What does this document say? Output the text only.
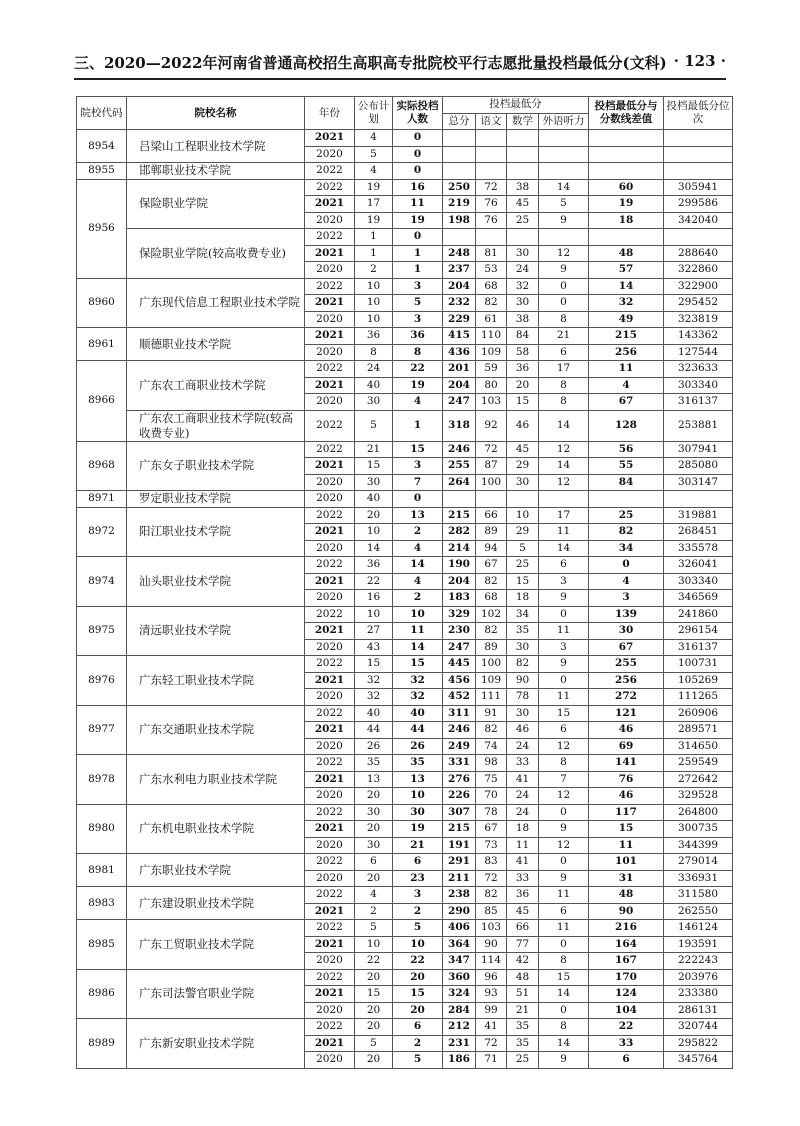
三、2020—2022年河南省普通高校招生高职高专批院校平行志愿批量投档最低分(文科) · 123 ·
院校代码	院校名称	年份	公布计划	实际投档人数	投档最低分				投档最低分与分数线差值	投档最低分位次
					总分	语文	数学	外语听力		
8954	吕梁山工程职业技术学院	2021	4	0						
		2020	5	0						
8955	邯郸职业技术学院	2022	4	0						
8956	保险职业学院	2022	19	16	250	72	38	14	60	305941
		2021	17	11	219	76	45	5	19	299586
		2020	19	19	198	76	25	9	18	342040
	保险职业学院(较高收费专业)	2022	1	0						
		2021	1	1	248	81	30	12	48	288640
		2020	2	1	237	53	24	9	57	322860
8960	广东现代信息工程职业技术学院	2022	10	3	204	68	32	0	14	322900
		2021	10	5	232	82	30	0	32	295452
		2020	10	3	229	61	38	8	49	323819
8961	顺德职业技术学院	2021	36	36	415	110	84	21	215	143362
		2020	8	8	436	109	58	6	256	127544
8966	广东农工商职业技术学院	2022	24	22	201	59	36	17	11	323633
		2021	40	19	204	80	20	8	4	303340
		2020	30	4	247	103	15	8	67	316137
	广东农工商职业技术学院(较高收费专业)	2022	5	1	318	92	46	14	128	253881
8968	广东女子职业技术学院	2022	21	15	246	72	45	12	56	307941
		2021	15	3	255	87	29	14	55	285080
		2020	30	7	264	100	30	12	84	303147
8971	罗定职业技术学院	2020	40	0						
8972	阳江职业技术学院	2022	20	13	215	66	10	17	25	319881
		2021	10	2	282	89	29	11	82	268451
		2020	14	4	214	94	5	14	34	335578
8974	汕头职业技术学院	2022	36	14	190	67	25	6	0	326041
		2021	22	4	204	82	15	3	4	303340
		2020	16	2	183	68	18	9	3	346569
8975	清远职业技术学院	2022	10	10	329	102	34	0	139	241860
		2021	27	11	230	82	35	11	30	296154
		2020	43	14	247	89	30	3	67	316137
8976	广东轻工职业技术学院	2022	15	15	445	100	82	9	255	100731
		2021	32	32	456	109	90	0	256	105269
		2020	32	32	452	111	78	11	272	111265
8977	广东交通职业技术学院	2022	40	40	311	91	30	15	121	260906
		2021	44	44	246	82	46	6	46	289571
		2020	26	26	249	74	24	12	69	314650
8978	广东水利电力职业技术学院	2022	35	35	331	98	33	8	141	259549
		2021	13	13	276	75	41	7	76	272642
		2020	20	10	226	70	24	12	46	329528
8980	广东机电职业技术学院	2022	30	30	307	78	24	0	117	264800
		2021	20	19	215	67	18	9	15	300735
		2020	30	21	191	73	11	12	11	344399
8981	广东职业技术学院	2022	6	6	291	83	41	0	101	279014
		2020	20	23	211	72	33	9	31	336931
8983	广东建设职业技术学院	2022	4	3	238	82	36	11	48	311580
		2021	2	2	290	85	45	6	90	262550
8985	广东工贸职业技术学院	2022	5	5	406	103	66	11	216	146124
		2021	10	10	364	90	77	0	164	193591
		2020	22	22	347	114	42	8	167	222243
8986	广东司法警官职业学院	2022	20	20	360	96	48	15	170	203976
		2021	15	15	324	93	51	14	124	233380
		2020	20	20	284	99	21	0	104	286131
8989	广东新安职业技术学院	2022	20	6	212	41	35	8	22	320744
		2021	5	2	231	72	35	14	33	295822
		2020	20	5	186	71	25	9	6	345764
